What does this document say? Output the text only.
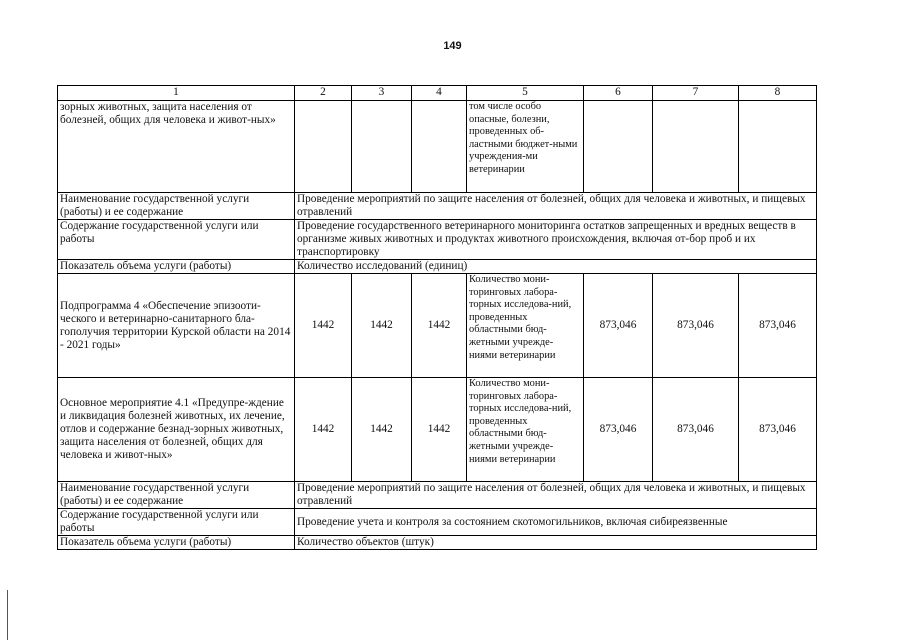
149
1	2	3	4	5	6	7	8
зорных животных, защита населения от болезней, общих для человека и живот-ных»				том числе особо опасные, болезни, проведенных об-ластными бюджет-ными учреждения-ми ветеринарии			
Наименование государственной услуги (работы) и ее содержание	Проведение мероприятий по защите населения от болезней, общих для человека и животных, и пищевых отравлений						
Содержание государственной услуги или работы	Проведение государственного ветеринарного мониторинга остатков запрещенных и вредных веществ в организме живых животных и продуктах животного происхождения, включая от-бор проб и их транспортировку						
Показатель объема услуги (работы)	Количество исследований (единиц)						
Подпрограмма 4 «Обеспечение эпизооти-ческого и ветеринарно-санитарного бла-гополучия территории Курской области на 2014 - 2021 годы»	1442	1442	1442	Количество мони-торинговых лабора-торных исследова-ний, проведенных областными бюд-жетными учрежде-ниями ветеринарии	873,046	873,046	873,046
Основное мероприятие 4.1 «Предупре-ждение и ликвидация болезней животных, их лечение, отлов и содержание безнад-зорных животных, защита населения от болезней, общих для человека и живот-ных»	1442	1442	1442	Количество мони-торинговых лабора-торных исследова-ний, проведенных областными бюд-жетными учрежде-ниями ветеринарии	873,046	873,046	873,046
Наименование государственной услуги (работы) и ее содержание	Проведение мероприятий по защите населения от болезней, общих для человека и животных, и пищевых отравлений						
Содержание государственной услуги или работы	Проведение учета и контроля за состоянием скотомогильников, включая сибиреязвенные						
Показатель объема услуги (работы)	Количество объектов (штук)						
